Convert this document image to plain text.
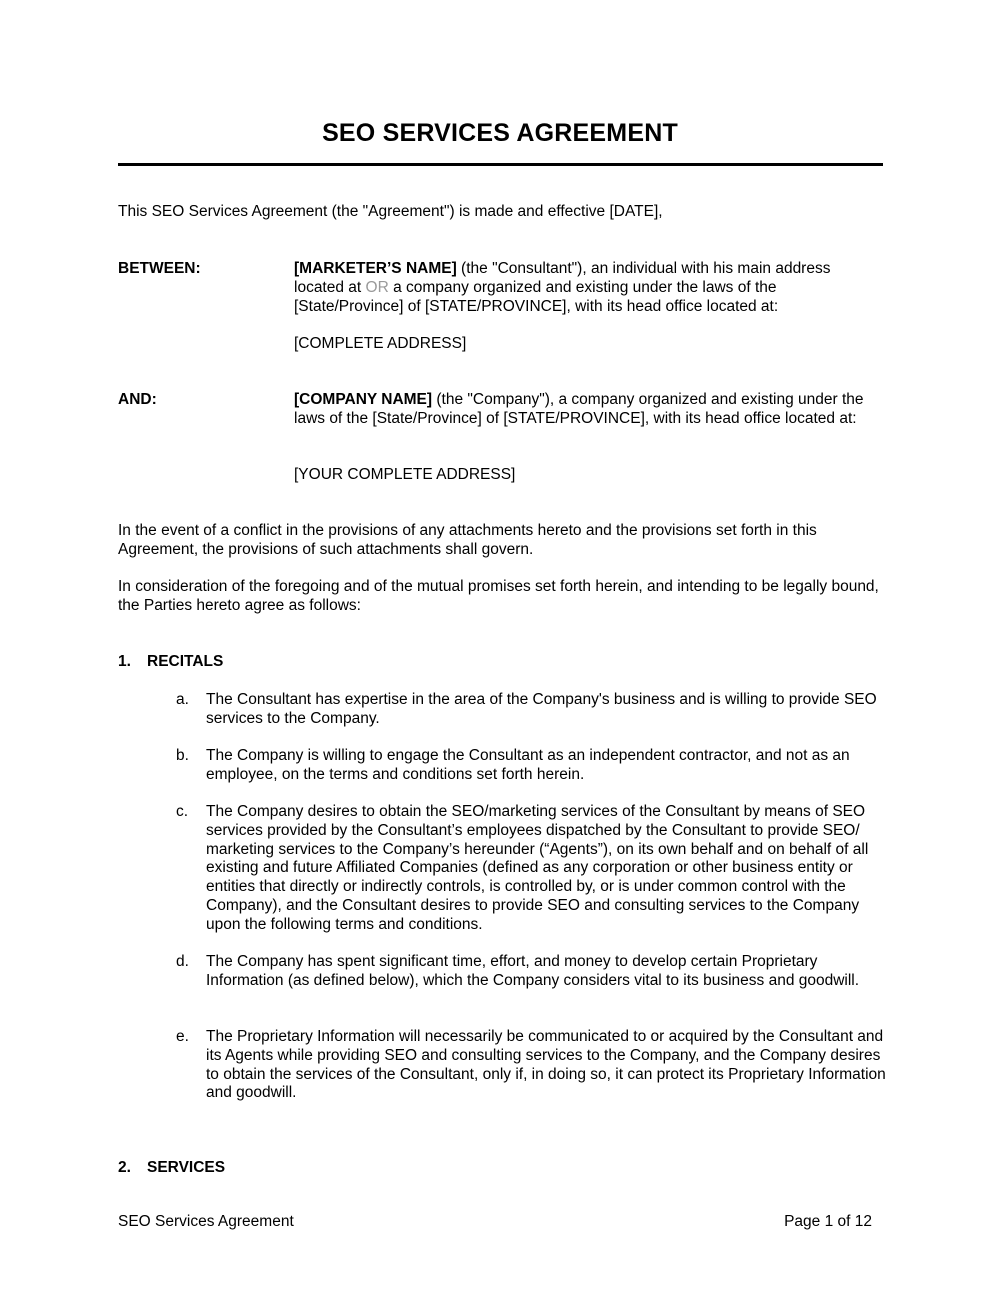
SEO SERVICES AGREEMENT
This SEO Services Agreement (the "Agreement") is made and effective [DATE],
BETWEEN:	[MARKETER’S NAME] (the "Consultant"), an individual with his main address located at OR a company organized and existing under the laws of the [State/Province] of [STATE/PROVINCE], with its head office located at:
[COMPLETE ADDRESS]
AND:	[COMPANY NAME] (the "Company"), a company organized and existing under the laws of the [State/Province] of [STATE/PROVINCE], with its head office located at:
[YOUR COMPLETE ADDRESS]
In the event of a conflict in the provisions of any attachments hereto and the provisions set forth in this Agreement, the provisions of such attachments shall govern.
In consideration of the foregoing and of the mutual promises set forth herein, and intending to be legally bound, the Parties hereto agree as follows:
1. RECITALS
a. The Consultant has expertise in the area of the Company's business and is willing to provide SEO services to the Company.
b. The Company is willing to engage the Consultant as an independent contractor, and not as an employee, on the terms and conditions set forth herein.
c. The Company desires to obtain the SEO/marketing services of the Consultant by means of SEO services provided by the Consultant’s employees dispatched by the Consultant to provide SEO/ marketing services to the Company’s hereunder (“Agents”), on its own behalf and on behalf of all existing and future Affiliated Companies (defined as any corporation or other business entity or entities that directly or indirectly controls, is controlled by, or is under common control with the Company), and the Consultant desires to provide SEO and consulting services to the Company upon the following terms and conditions.
d. The Company has spent significant time, effort, and money to develop certain Proprietary Information (as defined below), which the Company considers vital to its business and goodwill.
e. The Proprietary Information will necessarily be communicated to or acquired by the Consultant and its Agents while providing SEO and consulting services to the Company, and the Company desires to obtain the services of the Consultant, only if, in doing so, it can protect its Proprietary Information and goodwill.
2. SERVICES
SEO Services Agreement	Page 1 of 12
